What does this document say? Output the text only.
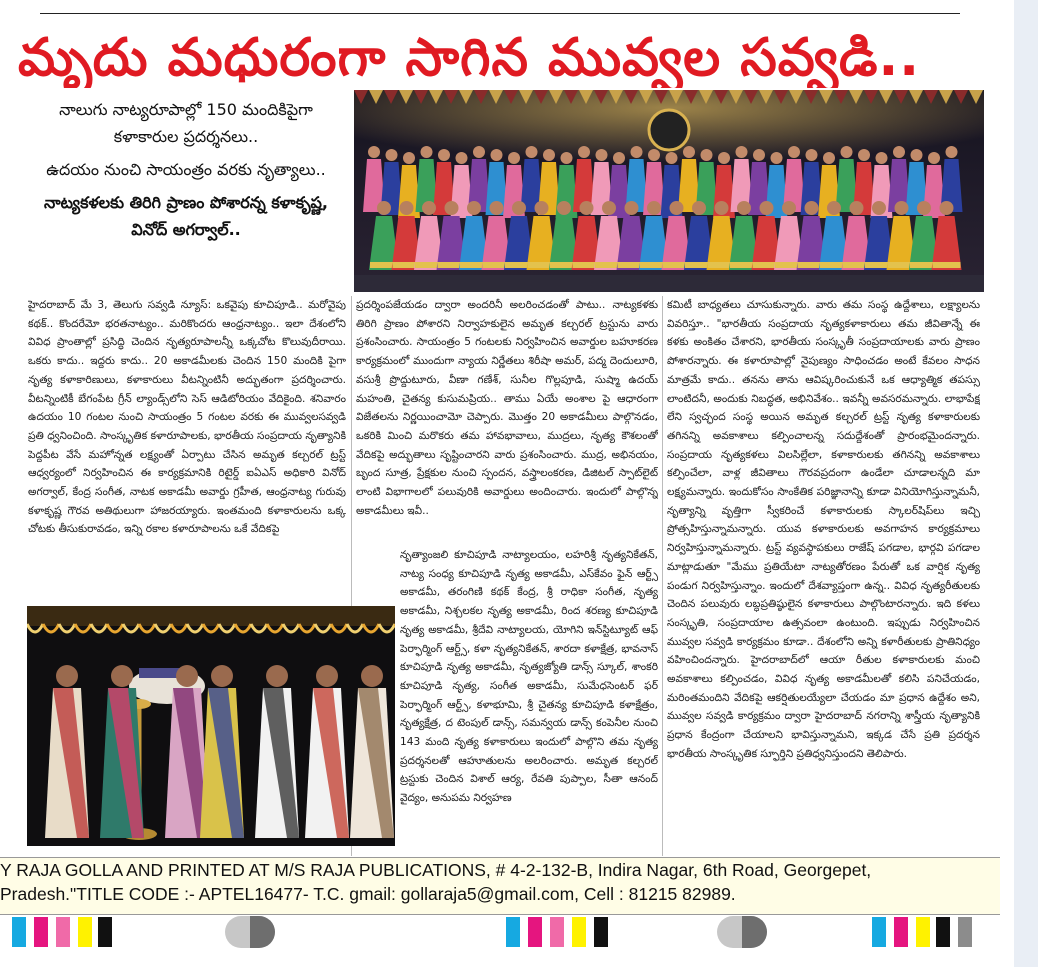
మృదు మధురంగా సాగిన మువ్వల సవ్వడి..

నాలుగు నాట్యరూపాల్లో 150 మందికిపైగా కళాకారుల ప్రదర్శనలు..

ఉదయం నుంచి సాయంత్రం వరకు నృత్యాలు..

నాట్యకళలకు తిరిగి ప్రాణం పోశారన్న కళాకృష్ణ, వినోద్ అగర్వాల్..

హైదరాబాద్ మే 3, తెలుగు సవ్వడి న్యూస్: ఒకవైపు కూచిపూడి.. మరోవైపు కథక్.. కొందరేమో భరతనాట్యం.. మరికొందరు ఆంధ్రనాట్యం.. ఇలా దేశంలోని వివిధ ప్రాంతాల్లో ప్రసిద్ధి చెందిన నృత్యరూపాలన్నీ ఒక్కచోట కొలువుదీరాయి. ఒకరు కాదు.. ఇద్దరు కాదు.. 20 అకాడమీలకు చెందిన 150 మందికి పైగా నృత్య కళాకారిణులు, కళాకారులు వీటన్నింటినీ అద్భుతంగా ప్రదర్శించారు. వీటన్నింటికీ బేగంపేట గ్రీన్ ల్యాండ్స్‌లోని సెస్ ఆడిటోరియం వేదికైంది. శనివారం ఉదయం 10 గంటల నుంచి సాయంత్రం 5 గంటల వరకు ఈ మువ్వలసవ్వడి ప్రతి ధ్వనించింది. సాంస్కృతిక కళారూపాలకు, భారతీయ సంప్రదాయ నృత్యానికి పెద్దపీట వేసే మహోన్నత లక్ష్యంతో ఏర్పాటు చేసిన అమృత కల్చరల్ ట్రస్ట్ ఆధ్వర్యంలో నిర్వహించిన ఈ కార్యక్రమానికి రిటైర్డ్ ఐఏఎస్ అధికారి వినోద్ అగర్వాల్, కేంద్ర సంగీత, నాటక అకాడమీ అవార్డు గ్రహీత, ఆంధ్రనాట్య గురువు కళాకృష్ణ గౌరవ అతిథులుగా హాజరయ్యారు. ఇంతమంది కళాకారులను ఒక్క చోటకు తీసుకురావడం, ఇన్ని రకాల కళారూపాలను ఒకే వేదికపై

ప్రదర్శింపజేయడం ద్వారా అందరినీ అలరించడంతో పాటు.. నాట్యకళకు తిరిగి ప్రాణం పోశారని నిర్వాహకులైన అమృత కల్చరల్ ట్రస్టును వారు ప్రశంసించారు. సాయంత్రం 5 గంటలకు నిర్వహించిన అవార్డుల బహూకరణ కార్యక్రమంలో ముందుగా న్యాయ నిర్ణేతలు శిరీషా అమర్, పద్మ దెందులూరి, వసుశ్రీ ప్రొద్దుటూరు, వీణా గణేశ్, సునీల గొల్లపూడి, సుష్మా ఉదయ్ మహంతి, చైతన్య కుసుమప్రియ.. తాము ఏయే అంశాల పై ఆధారంగా విజేతలను నిర్ణయించామో చెప్పారు. మొత్తం 20 అకాడమీలు పాల్గొనడం, ఒకరికి మించి మరొకరు తమ హావభావాలు, ముద్రలు, నృత్య కౌశలంతో వేదికపై అద్భుతాలు సృష్టించారని వారు ప్రశంసించారు. ముద్ర, అభినయం, బృంద సూత్ర, ప్రేక్షకుల నుంచి స్పందన, వస్త్రాలంకరణ, డిజిటల్ స్పాట్‌లైట్ లాంటి విభాగాలలో పలువురికి అవార్డులు అందించారు. ఇందులో పాల్గొన్న అకాడమీలు ఇవీ..

నృత్యాంజలి కూచిపూడి నాట్యాలయం, లహరిశ్రీ నృత్యనికేతన్, నాట్య సంధ్య కూచిపూడి నృత్య అకాడమీ, ఎస్‌కేవం ఫైన్ ఆర్ట్స్ అకాడమీ, తరంగిణి కథక్ కేంద్ర, శ్రీ రాధికా సంగీత, నృత్య అకాడమీ, నిశ్చలకల నృత్య అకాడమీ, రింద శరణ్య కూచిపూడి నృత్య అకాడమీ, శ్రీదేవి నాట్యాలయ, యోగిని ఇన్‌స్టిట్యూట్ ఆఫ్ పెర్ఫార్మింగ్ ఆర్ట్స్, కళా నృత్యనికేతన్, శారదా కళాక్షేత్ర, భావనాస్ కూచిపూడి నృత్య అకాడమీ, నృత్యజ్యోతి డాన్స్ స్కూల్, శాంకరి కూచిపూడి నృత్య, సంగీత అకాడమీ, సుమేధసెంటర్ ఫర్ పెర్ఫార్మింగ్ ఆర్ట్స్, కళాభూమి, శ్రీ చైతన్య కూచిపూడి కళాక్షేత్రం, నృత్యక్షేత్ర, ద టెంపుల్ డాన్స్, సమన్వయ డాన్స్ కంపెనీల నుంచి 143 మంది నృత్య కళాకారులు ఇందులో పాల్గొని తమ నృత్య ప్రదర్శనలతో ఆహూతులను అలరించారు. అమృత కల్చరల్ ట్రస్టుకు చెందిన విశాల్ ఆర్య, రేవతి పుప్పాల, సీతా ఆనంద్ వైద్యం, అనుపమ నిర్వహణ

కమిటీ బాధ్యతలు చూసుకున్నారు. వారు తమ సంస్థ ఉద్దేశాలు, లక్ష్యాలను వివరిస్తూ.. "భారతీయ సంప్రదాయ నృత్యకళాకారులు తమ జీవితాన్నే ఈ కళకు అంకితం చేశారని, భారతీయ సంస్కృతీ సంప్రదాయాలకు వారు ప్రాణం పోశారన్నారు. ఈ కళారూపాల్లో నైపుణ్యం సాధించడం అంటే కేవలం సాధన మాత్రమే కాదు.. తనను తాను ఆవిష్కరించుకునే ఒక ఆధ్యాత్మిక తపస్సు లాంటిదనీ, అందుకు నిబద్ధత, అభినివేశం.. ఇవన్నీ అవసరమన్నారు. లాభాపేక్ష లేని స్వచ్ఛంద సంస్థ అయిన అమృత కల్చరల్ ట్రస్ట్ నృత్య కళాకారులకు తగినన్ని అవకాశాలు కల్పించాలన్న సదుద్దేశంతో ప్రారంభమైందన్నారు. సంప్రదాయ నృత్యకళలు విలసిల్లేలా, కళాకారులకు తగినన్ని అవకాశాలు కల్పించేలా, వాళ్ల జీవితాలు గౌరవప్రదంగా ఉండేలా చూడాలన్నది మా లక్ష్యమన్నారు. ఇందుకోసం సాంకేతిక పరిజ్ఞానాన్ని కూడా వినియోగిస్తున్నామనీ, నృత్యాన్ని వృత్తిగా స్వీకరించే కళాకారులకు స్కాలర్‌షిప్‌లు ఇచ్చి ప్రోత్సహిస్తున్నామన్నారు. యువ కళాకారులకు అవగాహన కార్యక్రమాలు నిర్వహిస్తున్నామన్నారు. ట్రస్ట్ వ్యవస్థాపకులు రాజేష్ పగడాల, భార్గవి పగడాల మాట్లాడుతూ "మేము ప్రతియేటా నాట్యతోరణం పేరుతో ఒక వార్షిక నృత్య పండుగ నిర్వహిస్తున్నాం. ఇందులో దేశవ్యాప్తంగా ఉన్న.. వివిధ నృత్యరీతులకు చెందిన పలువురు లబ్ధప్రతిష్ఠులైన కళాకారులు పాల్గొంటారన్నారు. ఇది కళలు సంస్కృతి, సంప్రదాయాల ఉత్సవంలా ఉంటుంది. ఇప్పుడు నిర్వహించిన మువ్వల సవ్వడి కార్యక్రమం కూడా.. దేశంలోని అన్ని కళారీతులకు ప్రాతినిధ్యం వహించిందన్నారు. హైదరాబాద్‌లో ఆయా రీతుల కళాకారులకు మంచి అవకాశాలు కల్పించడం, వివిధ నృత్య అకాడమీలతో కలిసి పనిచేయడం, మరింతమందిని వేదికపై ఆకర్షితులయ్యేలా చేయడం మా ప్రధాన ఉద్దేశం అని, మువ్వల సవ్వడి కార్యక్రమం ద్వారా హైదరాబాద్ నగరాన్ని శాస్త్రీయ నృత్యానికి ప్రధాన కేంద్రంగా చేయాలని భావిస్తున్నామని, ఇక్కడ చేసే ప్రతి ప్రదర్శన భారతీయ సాంస్కృతిక స్ఫూర్తిని ప్రతిధ్వనిస్తుందని తెలిపారు.

Y RAJA GOLLA AND PRINTED AT M/S RAJA PUBLICATIONS, # 4-2-132-B, Indira Nagar, 6th Road, Georgepet,
Pradesh."TITLE CODE :- APTEL16477- T.C. gmail: gollaraja5@gmail.com, Cell : 81215 82989.
